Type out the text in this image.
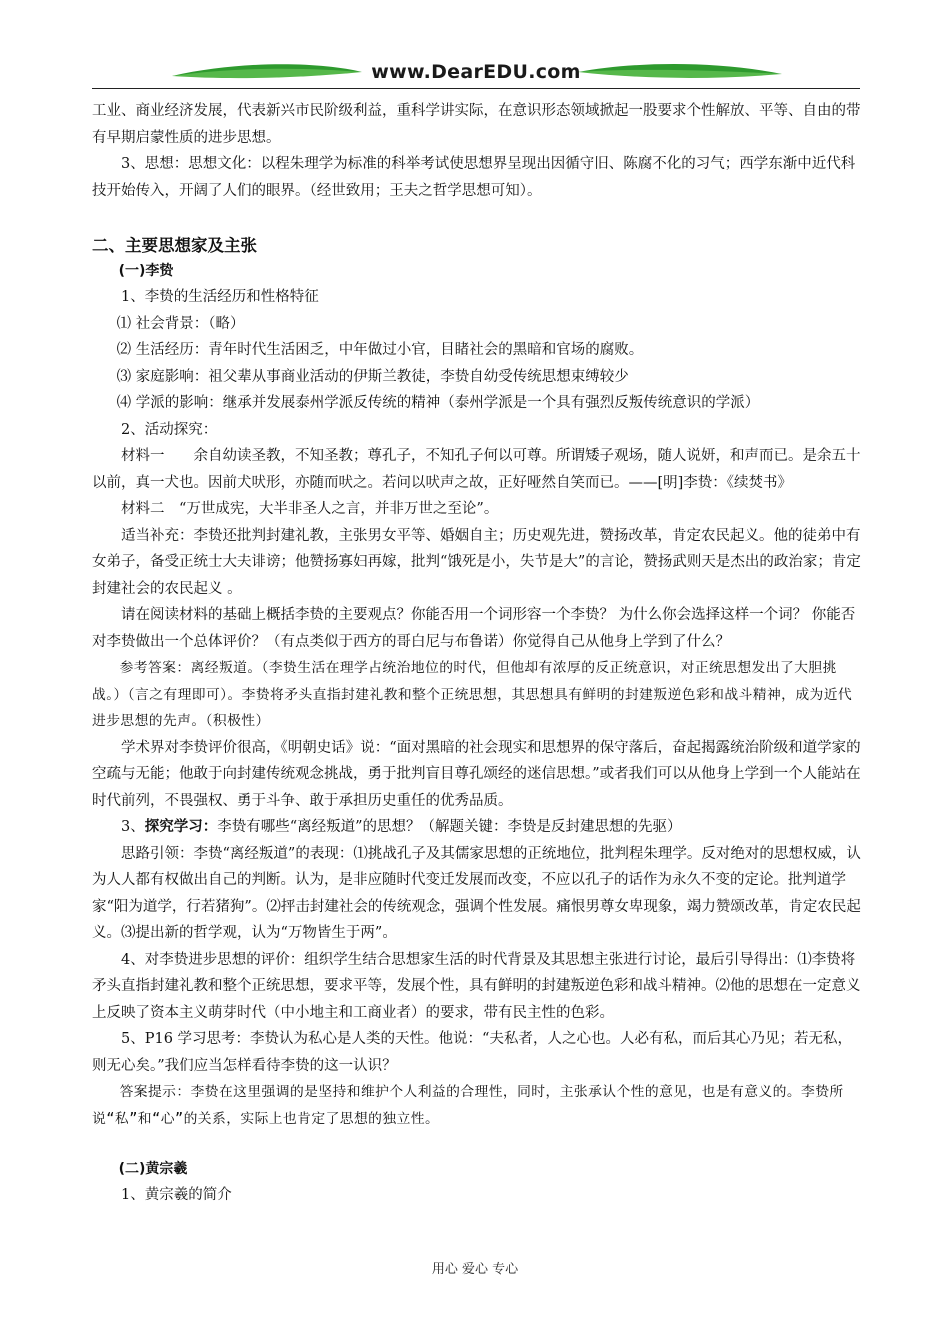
www.DearEDU.com

工业、商业经济发展，代表新兴市民阶级利益，重科学讲实际，在意识形态领域掀起一股要求个性解放、平等、自由的带有早期启蒙性质的进步思想。

3、思想：思想文化：以程朱理学为标准的科举考试使思想界呈现出因循守旧、陈腐不化的习气；西学东渐中近代科技开始传入，开阔了人们的眼界。（经世致用；王夫之哲学思想可知）。

二、主要思想家及主张

(一)李贽

1、李贽的生活经历和性格特征

⑴ 社会背景：（略）

⑵ 生活经历：青年时代生活困乏，中年做过小官，目睹社会的黑暗和官场的腐败。

⑶ 家庭影响：祖父辈从事商业活动的伊斯兰教徒，李贽自幼受传统思想束缚较少

⑷ 学派的影响：继承并发展泰州学派反传统的精神（泰州学派是一个具有强烈反叛传统意识的学派）

2、活动探究：

材料一　　余自幼读圣教，不知圣教；尊孔子，不知孔子何以可尊。所谓矮子观场，随人说妍，和声而已。是余五十以前，真一犬也。因前犬吠形，亦随而吠之。若问以吠声之故，正好哑然自笑而已。——[明]李贽：《续焚书》

材料二　“万世成宪，大半非圣人之言，并非万世之至论”。

适当补充：李贽还批判封建礼教，主张男女平等、婚姻自主；历史观先进，赞扬改革，肯定农民起义。他的徒弟中有女弟子，备受正统士大夫诽谤；他赞扬寡妇再嫁，批判“饿死是小，失节是大”的言论，赞扬武则天是杰出的政治家；肯定封建社会的农民起义 。

请在阅读材料的基础上概括李贽的主要观点？你能否用一个词形容一个李贽？ 为什么你会选择这样一个词？ 你能否对李贽做出一个总体评价？（有点类似于西方的哥白尼与布鲁诺）你觉得自己从他身上学到了什么？

参考答案：离经叛道。（李贽生活在理学占统治地位的时代，但他却有浓厚的反正统意识，对正统思想发出了大胆挑战。）（言之有理即可）。李贽将矛头直指封建礼教和整个正统思想，其思想具有鲜明的封建叛逆色彩和战斗精神，成为近代进步思想的先声。（积极性）

学术界对李贽评价很高，《明朝史话》说：“面对黑暗的社会现实和思想界的保守落后，奋起揭露统治阶级和道学家的空疏与无能；他敢于向封建传统观念挑战，勇于批判盲目尊孔颂经的迷信思想。”或者我们可以从他身上学到一个人能站在时代前列，不畏强权、勇于斗争、敢于承担历史重任的优秀品质。

3、探究学习：李贽有哪些“离经叛道”的思想？（解题关键：李贽是反封建思想的先驱）

思路引领：李贽“离经叛道”的表现：⑴挑战孔子及其儒家思想的正统地位，批判程朱理学。反对绝对的思想权威，认为人人都有权做出自己的判断。认为，是非应随时代变迁发展而改变，不应以孔子的话作为永久不变的定论。批判道学家“阳为道学，行若猪狗”。⑵抨击封建社会的传统观念，强调个性发展。痛恨男尊女卑现象，竭力赞颂改革，肯定农民起义。⑶提出新的哲学观，认为“万物皆生于两”。

4、对李贽进步思想的评价：组织学生结合思想家生活的时代背景及其思想主张进行讨论，最后引导得出：⑴李贽将矛头直指封建礼教和整个正统思想，要求平等，发展个性，具有鲜明的封建叛逆色彩和战斗精神。⑵他的思想在一定意义上反映了资本主义萌芽时代（中小地主和工商业者）的要求，带有民主性的色彩。

5、P16 学习思考：李贽认为私心是人类的天性。他说：“夫私者，人之心也。人必有私，而后其心乃见；若无私，则无心矣。”我们应当怎样看待李贽的这一认识？

答案提示：李贽在这里强调的是坚持和维护个人利益的合理性，同时，主张承认个性的意见，也是有意义的。李贽所说“私”和“心”的关系，实际上也肯定了思想的独立性。

(二)黄宗羲

1、黄宗羲的简介

用心 爱心 专心
